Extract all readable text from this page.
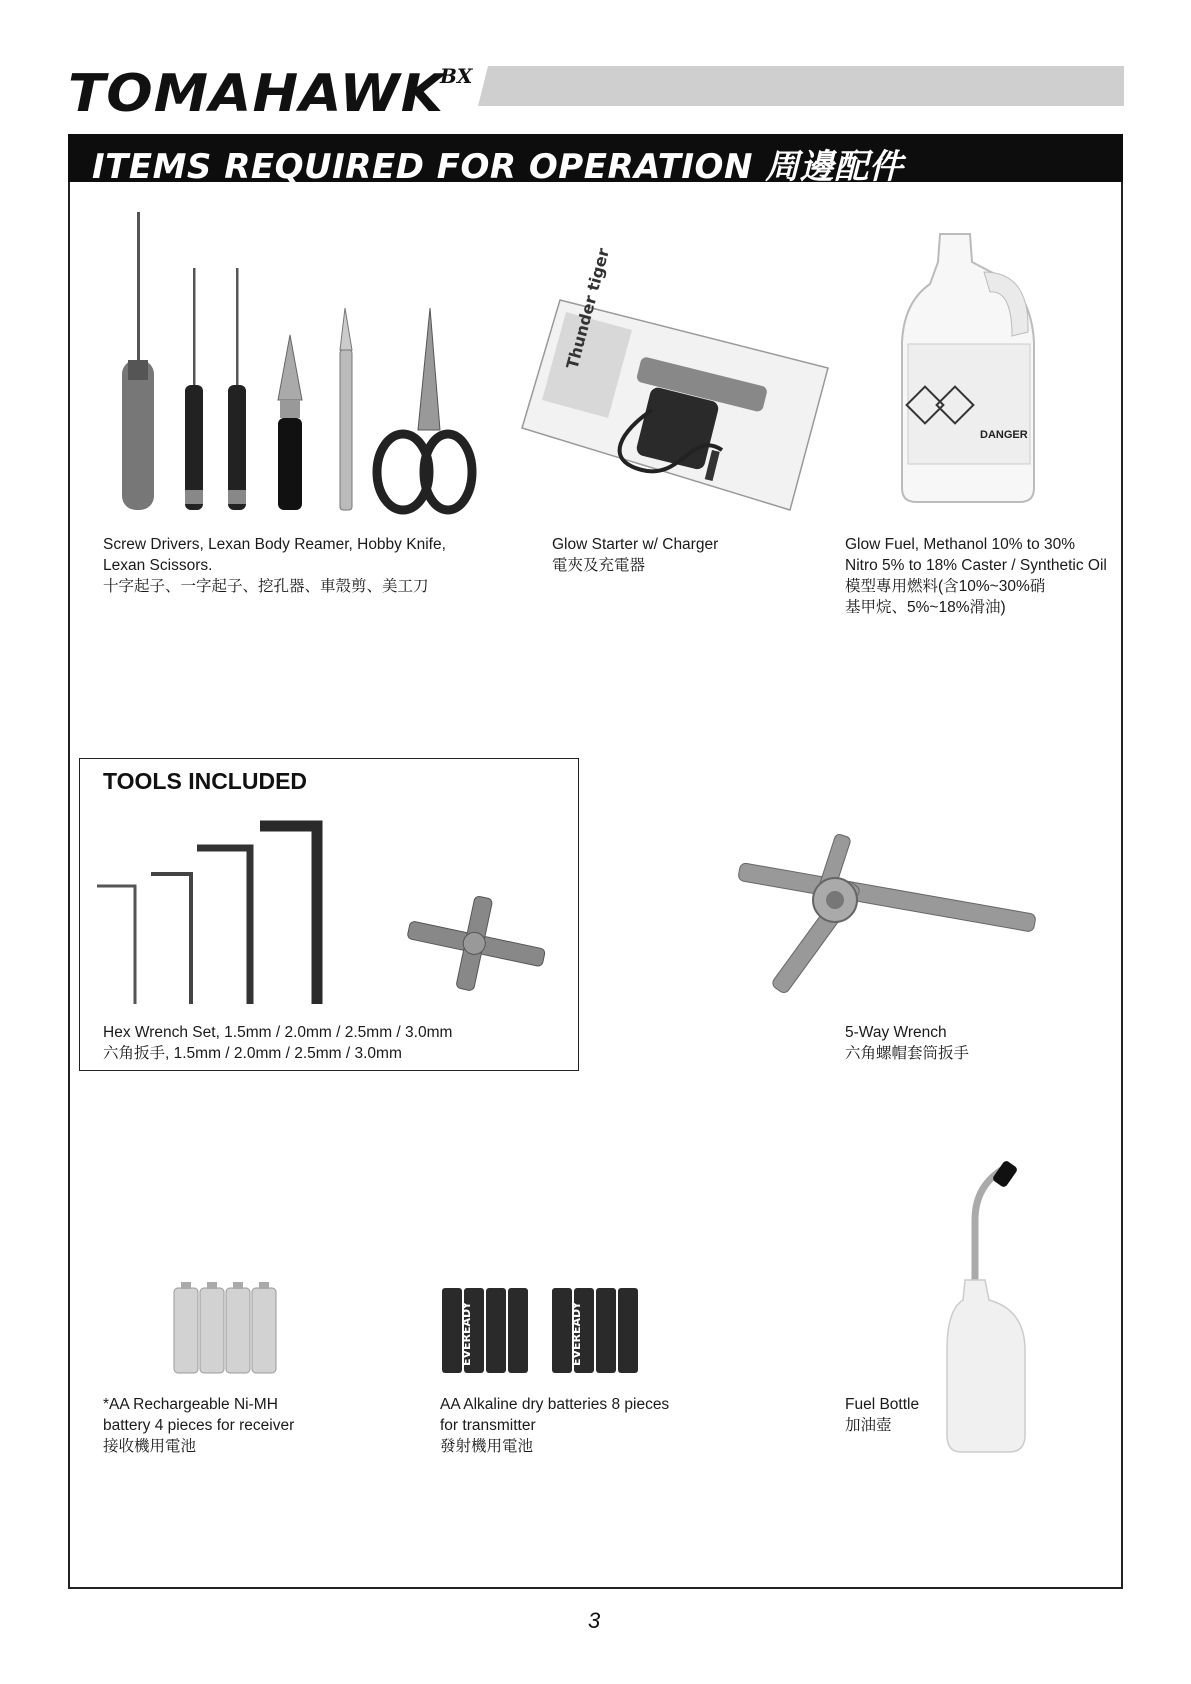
TOMAHAWK
BX
ITEMS REQUIRED FOR OPERATION 周邊配件
Thunder tiger
DANGER
Screw Drivers, Lexan Body Reamer, Hobby Knife,
Lexan Scissors.
十字起子、一字起子、挖孔器、車殼剪、美工刀
Glow Starter w/ Charger
電夾及充電器
Glow Fuel, Methanol 10% to 30%
Nitro 5% to 18% Caster / Synthetic Oil
模型專用燃料(含10%~30%硝
基甲烷、5%~18%滑油)
TOOLS INCLUDED
Hex Wrench Set, 1.5mm / 2.0mm / 2.5mm / 3.0mm
六角扳手, 1.5mm / 2.0mm / 2.5mm / 3.0mm
5-Way Wrench
六角螺帽套筒扳手
EVEREADY	EVEREADY
*AA Rechargeable Ni-MH
battery 4 pieces for receiver
接收機用電池
AA Alkaline dry batteries 8 pieces
for transmitter
發射機用電池
Fuel Bottle
加油壺
3
